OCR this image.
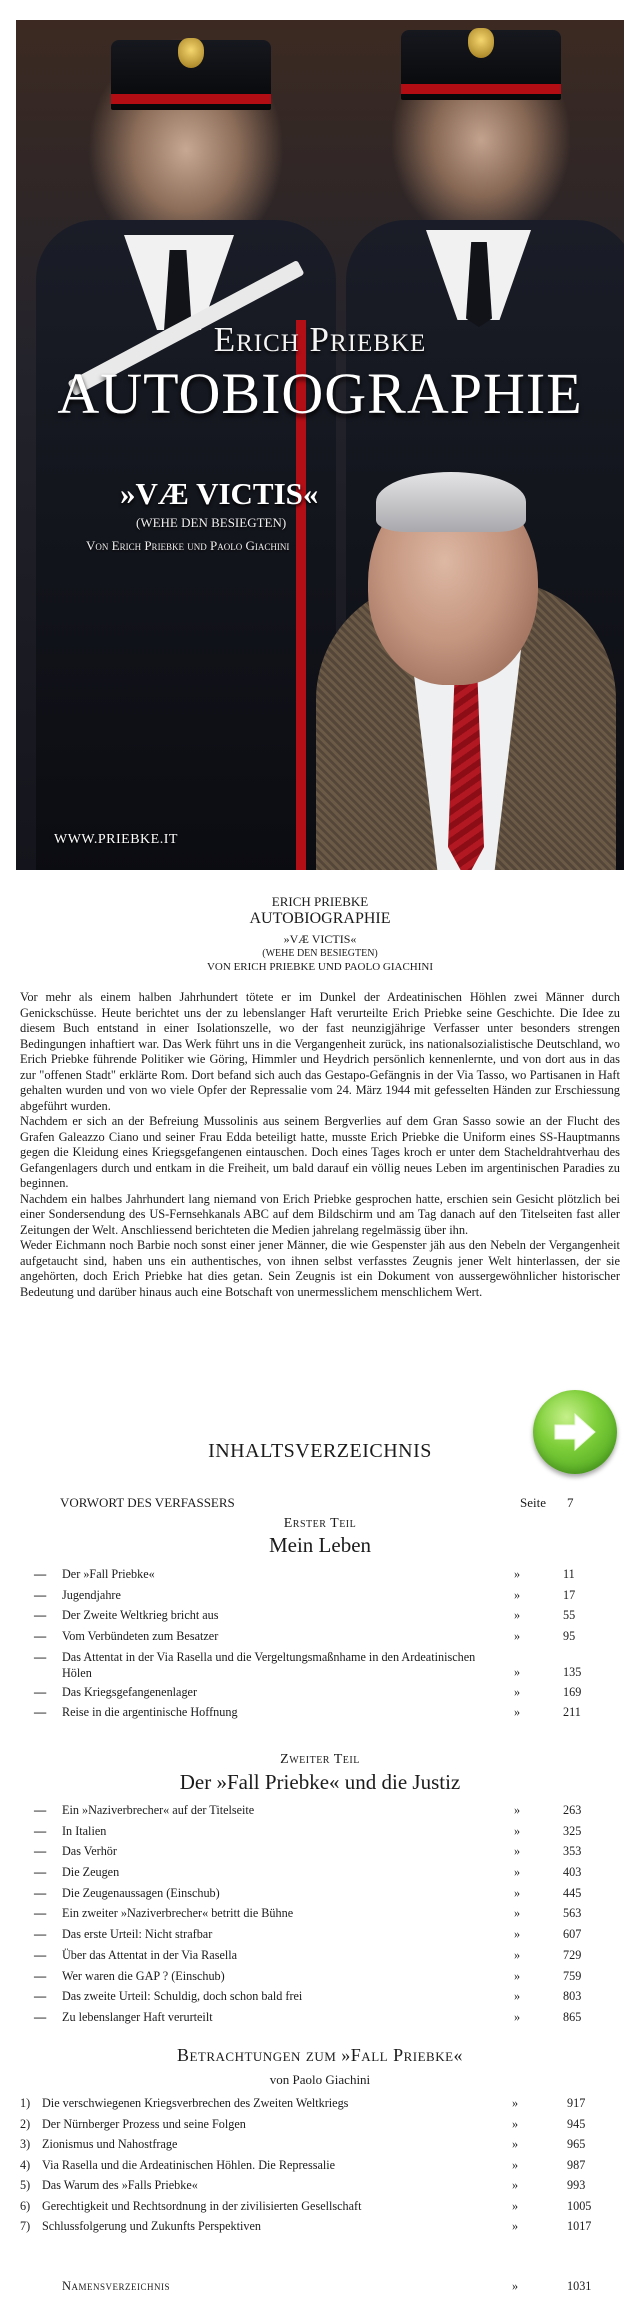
Erich Priebke
AUTOBIOGRAPHIE
»VÆ VICTIS«
(WEHE DEN BESIEGTEN)
Von Erich Priebke und Paolo Giachini
WWW.PRIEBKE.IT
ERICH PRIEBKE
AUTOBIOGRAPHIE
»VÆ VICTIS«
(WEHE DEN BESIEGTEN)
VON ERICH PRIEBKE UND PAOLO GIACHINI

Vor mehr als einem halben Jahrhundert tötete er im Dunkel der Ardeatinischen Höhlen zwei Männer durch Genickschüsse. Heute berichtet uns der zu lebenslanger Haft verurteilte Erich Priebke seine Geschichte. Die Idee zu diesem Buch entstand in einer Isolationszelle, wo der fast neunzigjährige Verfasser unter besonders strengen Bedingungen inhaftiert war. Das Werk führt uns in die Vergangenheit zurück, ins nationalsozialistische Deutschland, wo Erich Priebke führende Politiker wie Göring, Himmler und Heydrich persönlich kennenlernte, und von dort aus in das zur "offenen Stadt" erklärte Rom. Dort befand sich auch das Gestapo-Gefängnis in der Via Tasso, wo Partisanen in Haft gehalten wurden und von wo viele Opfer der Repressalie vom 24. März 1944 mit gefesselten Händen zur Erschiessung abgeführt wurden.

Nachdem er sich an der Befreiung Mussolinis aus seinem Bergverlies auf dem Gran Sasso sowie an der Flucht des Grafen Galeazzo Ciano und seiner Frau Edda beteiligt hatte, musste Erich Priebke die Uniform eines SS-Hauptmanns gegen die Kleidung eines Kriegsgefangenen eintauschen. Doch eines Tages kroch er unter dem Stacheldrahtverhau des Gefangenlagers durch und entkam in die Freiheit, um bald darauf ein völlig neues Leben im argentinischen Paradies zu beginnen.

Nachdem ein halbes Jahrhundert lang niemand von Erich Priebke gesprochen hatte, erschien sein Gesicht plötzlich bei einer Sondersendung des US-Fernsehkanals ABC auf dem Bildschirm und am Tag danach auf den Titelseiten fast aller Zeitungen der Welt. Anschliessend berichteten die Medien jahrelang regelmässig über ihn.

Weder Eichmann noch Barbie noch sonst einer jener Männer, die wie Gespenster jäh aus den Nebeln der Vergangenheit aufgetaucht sind, haben uns ein authentisches, von ihnen selbst verfasstes Zeugnis jener Welt hinterlassen, der sie angehörten, doch Erich Priebke hat dies getan. Sein Zeugnis ist ein Dokument von aussergewöhnlicher historischer Bedeutung und darüber hinaus auch eine Botschaft von unermesslichem menschlichem Wert.

INHALTSVERZEICHNIS
VORWORT DES VERFASSERS	Seite 7
Erster Teil
Mein Leben
— Der »Fall Priebke«	»	11
— Jugendjahre	»	17
— Der Zweite Weltkrieg bricht aus	»	55
— Vom Verbündeten zum Besatzer	»	95
— Das Attentat in der Via Rasella und die Vergeltungsmaßnhame in den Ardeatinischen Hölen	»	135
— Das Kriegsgefangenenlager	»	169
— Reise in die argentinische Hoffnung	»	211
Zweiter Teil
Der »Fall Priebke« und die Justiz
— Ein »Naziverbrecher« auf der Titelseite	»	263
— In Italien	»	325
— Das Verhör	»	353
— Die Zeugen	»	403
— Die Zeugenaussagen (Einschub)	»	445
— Ein zweiter »Naziverbrecher« betritt die Bühne	»	563
— Das erste Urteil: Nicht strafbar	»	607
— Über das Attentat in der Via Rasella	»	729
— Wer waren die GAP ? (Einschub)	»	759
— Das zweite Urteil: Schuldig, doch schon bald frei	»	803
— Zu lebenslanger Haft verurteilt	»	865
Betrachtungen zum »Fall Priebke«
von Paolo Giachini
1) Die verschwiegenen Kriegsverbrechen des Zweiten Weltkriegs	»	917
2) Der Nürnberger Prozess und seine Folgen	»	945
3) Zionismus und Nahostfrage	»	965
4) Via Rasella und die Ardeatinischen Höhlen. Die Repressalie	»	987
5) Das Warum des »Falls Priebke«	»	993
6) Gerechtigkeit und Rechtsordnung in der zivilisierten Gesellschaft	»	1005
7) Schlussfolgerung und Zukunfts Perspektiven	»	1017
Namensverzeichnis	»	1031
